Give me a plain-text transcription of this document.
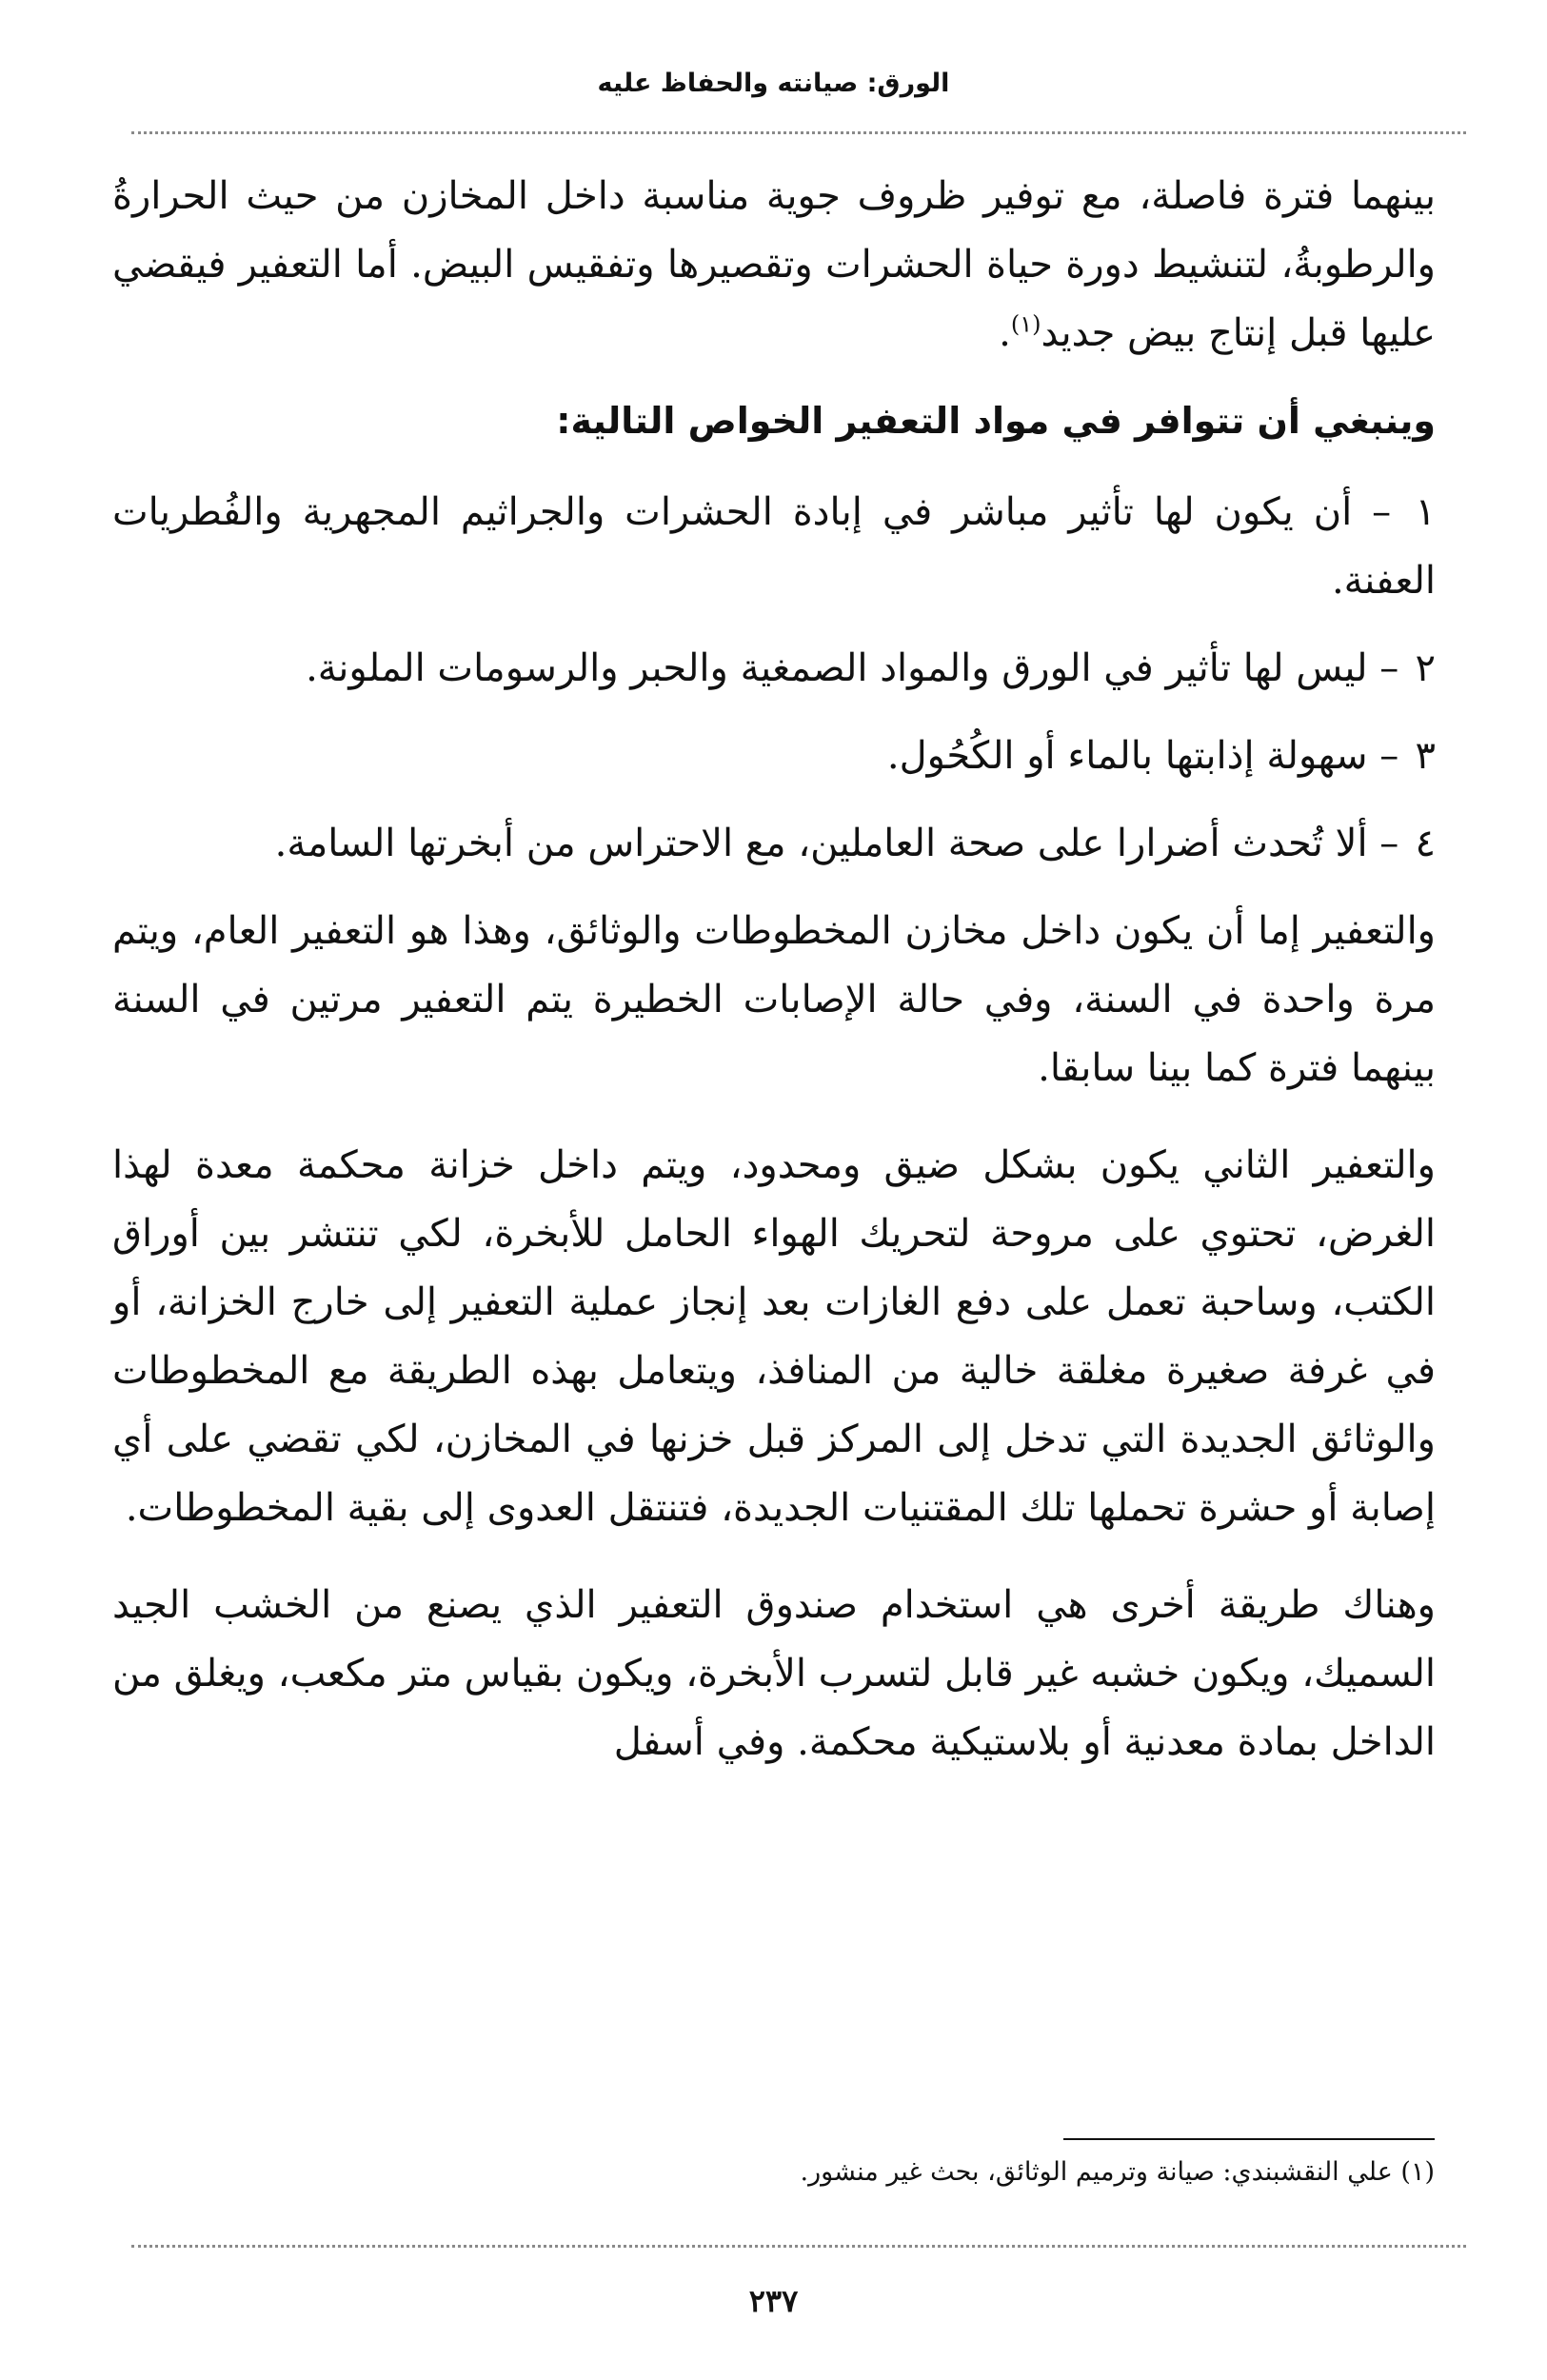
الورق: صيانته والحفاظ عليه

بينهما فترة فاصلة، مع توفير ظروف جوية مناسبة داخل المخازن من حيث الحرارةُ والرطوبةُ، لتنشيط دورة حياة الحشرات وتقصيرها وتفقيس البيض. أما التعفير فيقضي عليها قبل إنتاج بيض جديد$^{(١)}$.

وينبغي أن تتوافر في مواد التعفير الخواص التالية:

١ – أن يكون لها تأثير مباشر في إبادة الحشرات والجراثيم المجهرية والفُطريات العفنة.

٢ – ليس لها تأثير في الورق والمواد الصمغية والحبر والرسومات الملونة.

٣ – سهولة إذابتها بالماء أو الكُحُول.

٤ – ألا تُحدث أضرارا على صحة العاملين، مع الاحتراس من أبخرتها السامة.

والتعفير إما أن يكون داخل مخازن المخطوطات والوثائق، وهذا هو التعفير العام، ويتم مرة واحدة في السنة، وفي حالة الإصابات الخطيرة يتم التعفير مرتين في السنة بينهما فترة كما بينا سابقا.

والتعفير الثاني يكون بشكل ضيق ومحدود، ويتم داخل خزانة محكمة معدة لهذا الغرض، تحتوي على مروحة لتحريك الهواء الحامل للأبخرة، لكي تنتشر بين أوراق الكتب، وساحبة تعمل على دفع الغازات بعد إنجاز عملية التعفير إلى خارج الخزانة، أو في غرفة صغيرة مغلقة خالية من المنافذ، ويتعامل بهذه الطريقة مع المخطوطات والوثائق الجديدة التي تدخل إلى المركز قبل خزنها في المخازن، لكي تقضي على أي إصابة أو حشرة تحملها تلك المقتنيات الجديدة، فتنتقل العدوى إلى بقية المخطوطات.

وهناك طريقة أخرى هي استخدام صندوق التعفير الذي يصنع من الخشب الجيد السميك، ويكون خشبه غير قابل لتسرب الأبخرة، ويكون بقياس متر مكعب، ويغلق من الداخل بمادة معدنية أو بلاستيكية محكمة. وفي أسفل

(١) علي النقشبندي: صيانة وترميم الوثائق، بحث غير منشور.
٢٣٧
